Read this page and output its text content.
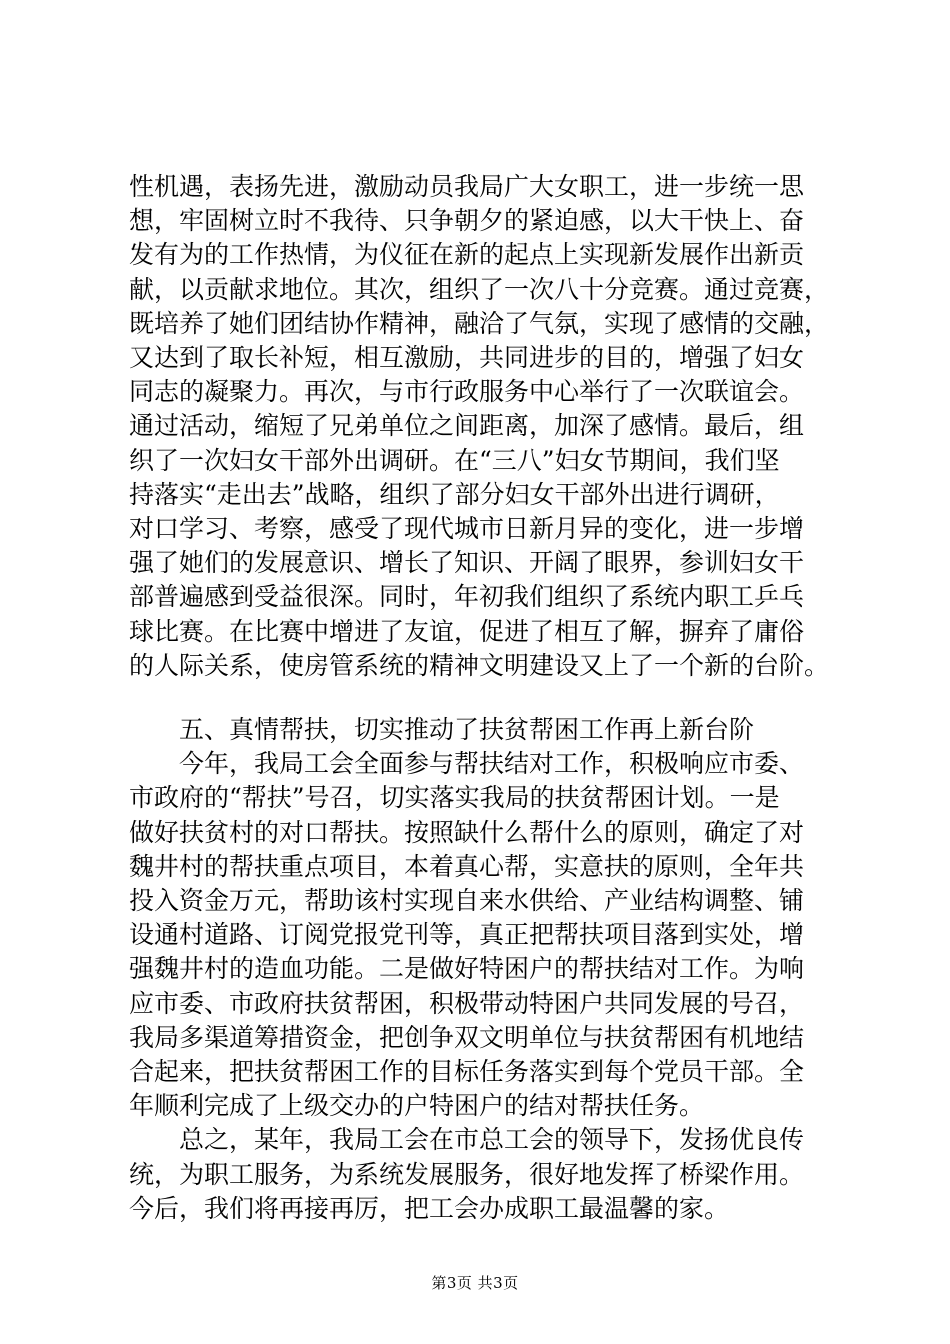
性机遇，表扬先进，激励动员我局广大女职工，进一步统一思

想，牢固树立时不我待、只争朝夕的紧迫感，以大干快上、奋

发有为的工作热情，为仪征在新的起点上实现新发展作出新贡

献，以贡献求地位。其次，组织了一次八十分竞赛。通过竞赛，

既培养了她们团结协作精神，融洽了气氛，实现了感情的交融，

又达到了取长补短，相互激励，共同进步的目的，增强了妇女

同志的凝聚力。再次，与市行政服务中心举行了一次联谊会。

通过活动，缩短了兄弟单位之间距离，加深了感情。最后，组

织了一次妇女干部外出调研。在“三八”妇女节期间，我们坚

持落实“走出去”战略，组织了部分妇女干部外出进行调研，

对口学习、考察，感受了现代城市日新月异的变化，进一步增

强了她们的发展意识、增长了知识、开阔了眼界，参训妇女干

部普遍感到受益很深。同时，年初我们组织了系统内职工乒乓

球比赛。在比赛中增进了友谊，促进了相互了解，摒弃了庸俗

的人际关系，使房管系统的精神文明建设又上了一个新的台阶。

五、真情帮扶，切实推动了扶贫帮困工作再上新台阶

今年，我局工会全面参与帮扶结对工作，积极响应市委、

市政府的“帮扶”号召，切实落实我局的扶贫帮困计划。一是

做好扶贫村的对口帮扶。按照缺什么帮什么的原则，确定了对

魏井村的帮扶重点项目，本着真心帮，实意扶的原则，全年共

投入资金万元，帮助该村实现自来水供给、产业结构调整、铺

设通村道路、订阅党报党刊等，真正把帮扶项目落到实处，增

强魏井村的造血功能。二是做好特困户的帮扶结对工作。为响

应市委、市政府扶贫帮困，积极带动特困户共同发展的号召，

我局多渠道筹措资金，把创争双文明单位与扶贫帮困有机地结

合起来，把扶贫帮困工作的目标任务落实到每个党员干部。全

年顺利完成了上级交办的户特困户的结对帮扶任务。

总之，某年，我局工会在市总工会的领导下，发扬优良传

统，为职工服务，为系统发展服务，很好地发挥了桥梁作用。

今后，我们将再接再厉，把工会办成职工最温馨的家。

第3页 共3页
